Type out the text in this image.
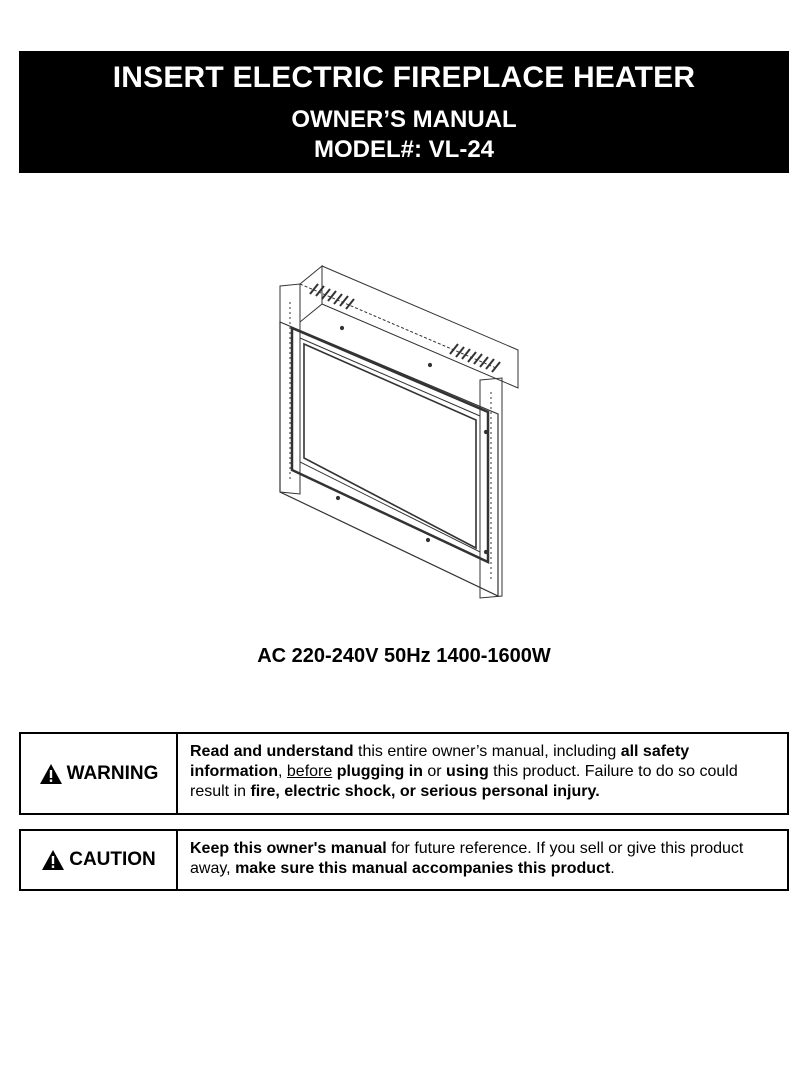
INSERT ELECTRIC FIREPLACE HEATER
OWNER’S MANUAL
MODEL#: VL-24
AC 220-240V 50Hz 1400-1600W
WARNING
Read and understand this entire owner’s manual, including all safety information, before plugging in or using this product. Failure to do so could result in fire, electric shock, or serious personal injury.
CAUTION
Keep this owner's manual for future reference. If you sell or give this product away, make sure this manual accompanies this product.
